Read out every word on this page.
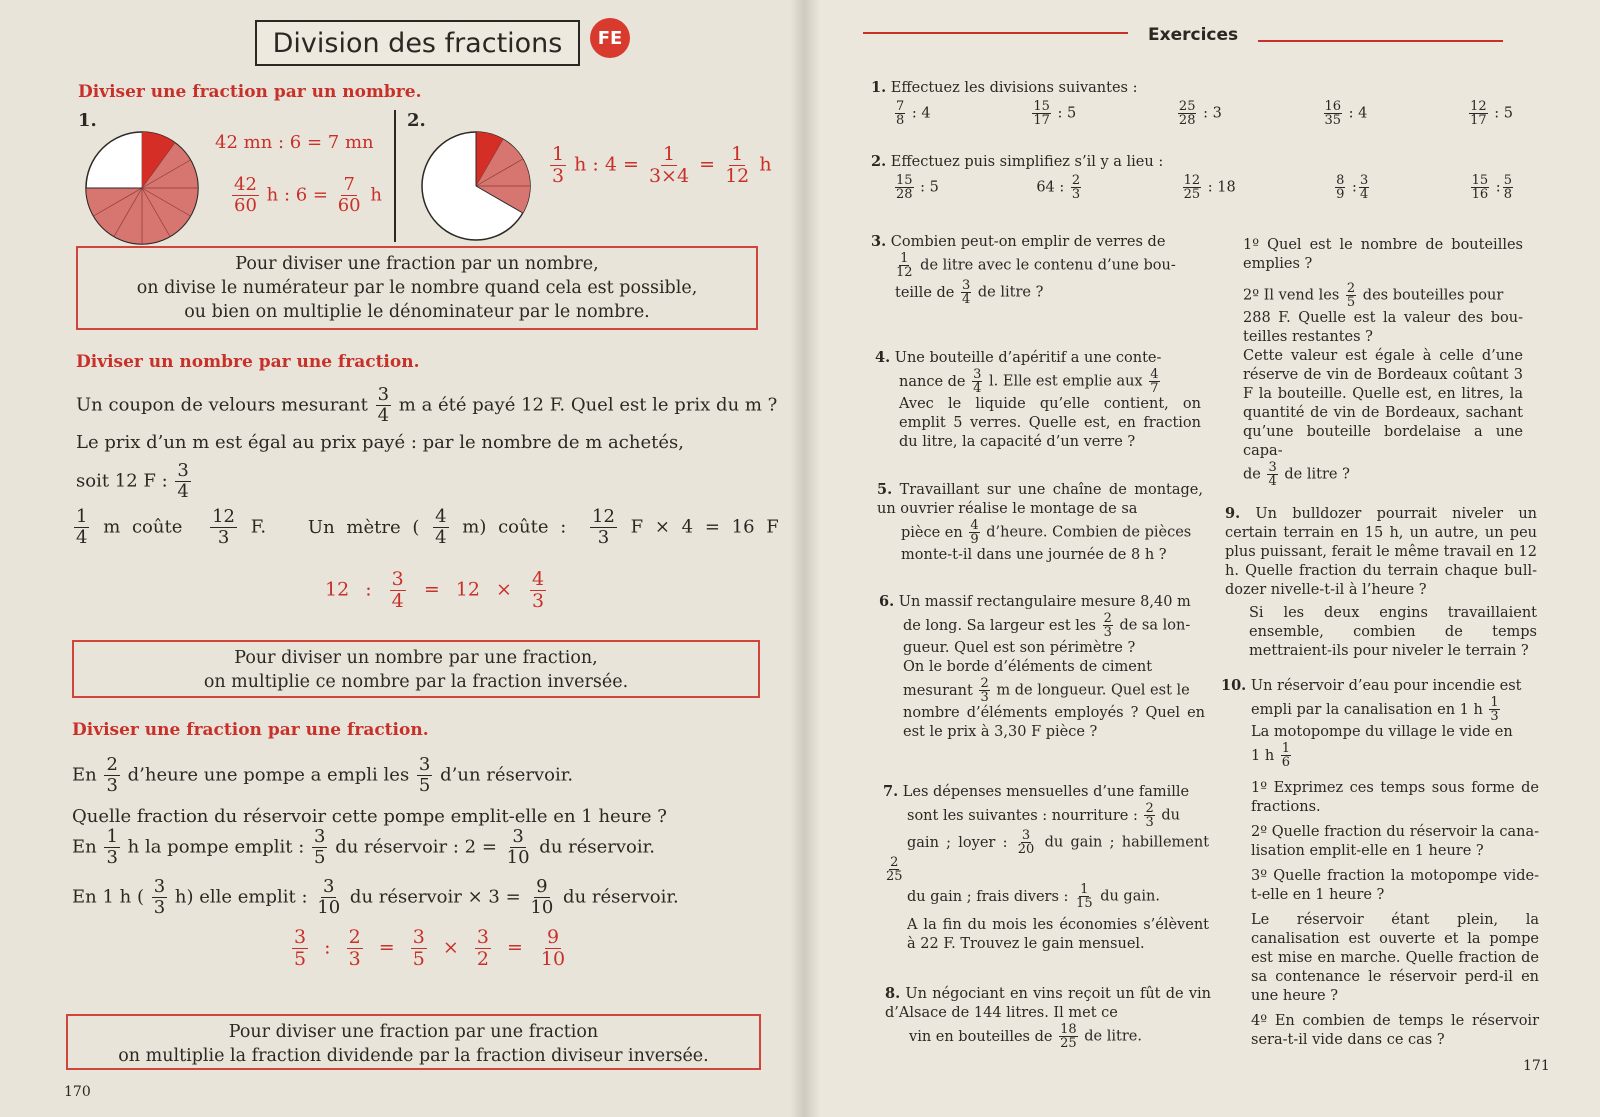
Division des fractions	FE
Diviser une fraction par un nombre.
1.	2.
42 mn : 6 = 7 mn
$\frac{42}{60}$ h : $6 = \frac{7}{60}$ h
$\frac{1}{3}$ h : $4 = \frac{1}{3\times 4} = \frac{1}{12}$ h
Pour diviser une fraction par un nombre,
on divise le numérateur par le nombre quand cela est possible,
ou bien on multiplie le dénominateur par le nombre.
Diviser un nombre par une fraction.
Un coupon de velours mesurant $\frac{3}{4}$ m a été payé 12 F. Quel est le prix du m ?
Le prix d’un m est égal au prix payé : par le nombre de m achetés,
soit 12 F : $\frac{3}{4}$
$\frac{1}{4}$ m coûte $\frac{12}{3} F$. Un mètre ( $\frac{4}{4} m$) coûte : $\frac{12}{3}$ F × 4 = 16 F
12 : $\frac{3}{4} = 12 \times \frac{4}{3}$
Pour diviser un nombre par une fraction,
on multiplie ce nombre par la fraction inversée.
Diviser une fraction par une fraction.
En $\frac{2}{3}$ d’heure une pompe a empli les $\frac{3}{5}$ d’un réservoir.
Quelle fraction du réservoir cette pompe emplit-elle en 1 heure ?
En $\frac{1}{3}$ h la pompe emplit : $\frac{3}{5}$ du réservoir : $2 = \frac{3}{10}$ du réservoir.
En 1 h ( $\frac{3}{3} h$) elle emplit : $\frac{3}{10}$ du réservoir × $3 = \frac{9}{10}$ du réservoir.
$\frac{3}{5}$ : $\frac{2}{3} = \frac{3}{5} \times \frac{3}{2} = \frac{9}{10}$
Pour diviser une fraction par une fraction
on multiplie la fraction dividende par la fraction diviseur inversée.
170
Exercices
1. Effectuez les divisions suivantes :
$\frac{7}{8}$ : 4	$\frac{15}{17}$ : 5	$\frac{25}{28}$ : 3	$\frac{16}{35}$ : 4	$\frac{12}{17}$ : 5
2. Effectuez puis simplifiez s’il y a lieu :
$\frac{15}{28}$ : 5	64 : $\frac{2}{3}$	$\frac{12}{25}$ : 18	$\frac{8}{9}$ : $\frac{3}{4}$	$\frac{15}{16}$ : $\frac{5}{8}$
3. Combien peut-on emplir de verres de

$\frac{1}{12}$ de litre avec le contenu d’une bou-
teille de $\frac{3}{4}$ de litre ?
1º Quel est le nombre de bouteilles emplies ?
2º Il vend les $\frac{2}{5}$ des bouteilles pour
288 F. Quelle est la valeur des bou-teilles restantes ?
Cette valeur est égale à celle d’une réserve de vin de Bordeaux coûtant 3 F la bouteille. Quelle est, en litres, la quantité de vin de Bordeaux, sachant qu’une bouteille bordelaise a une capa-
de $\frac{3}{4}$ de litre ?
4. Une bouteille d’apéritif a une conte-
nance de $\frac{3}{4} l$. Elle est emplie aux $\frac{4}{7}$
Avec le liquide qu’elle contient, on emplit 5 verres. Quelle est, en fraction du litre, la capacité d’un verre ?
5. Travaillant sur une chaîne de montage, un ouvrier réalise le montage de sa
pièce en $\frac{4}{9}$ d’heure. Combien de pièces
monte-t-il dans une journée de 8 h ?
6. Un massif rectangulaire mesure 8,40 m
de long. Sa largeur est les $\frac{2}{3}$ de sa lon-
gueur. Quel est son périmètre ?
On le borde d’éléments de ciment
mesurant $\frac{2}{3}$ m de longueur. Quel est le
nombre d’éléments employés ? Quel en est le prix à 3,30 F pièce ?
7. Les dépenses mensuelles d’une famille
sont les suivantes : nourriture : $\frac{2}{3}$ du
gain ; loyer : $\frac{3}{20}$ du gain ; habillement
$\frac{2}{25}$

du gain ; frais divers : $\frac{1}{15}$ du gain.
A la fin du mois les économies s’élèvent à 22 F. Trouvez le gain mensuel.
8. Un négociant en vins reçoit un fût de vin d’Alsace de 144 litres. Il met ce
vin en bouteilles de $\frac{18}{25}$ de litre.
9. Un bulldozer pourrait niveler un certain terrain en 15 h, un autre, un peu plus puissant, ferait le même travail en 12 h. Quelle fraction du terrain chaque bull-dozer nivelle-t-il à l’heure ?
Si les deux engins travaillaient ensemble, combien de temps mettraient-ils pour niveler le terrain ?
10. Un réservoir d’eau pour incendie est
empli par la canalisation en 1 h $\frac{1}{3}$
La motopompe du village le vide en
1 h $\frac{1}{6}$
1º Exprimez ces temps sous forme de fractions.
2º Quelle fraction du réservoir la cana-lisation emplit-elle en 1 heure ?
3º Quelle fraction la motopompe vide-t-elle en 1 heure ?
Le réservoir étant plein, la canalisation est ouverte et la pompe est mise en marche. Quelle fraction de sa contenance le réservoir perd-il en une heure ?
4º En combien de temps le réservoir sera-t-il vide dans ce cas ?
171
